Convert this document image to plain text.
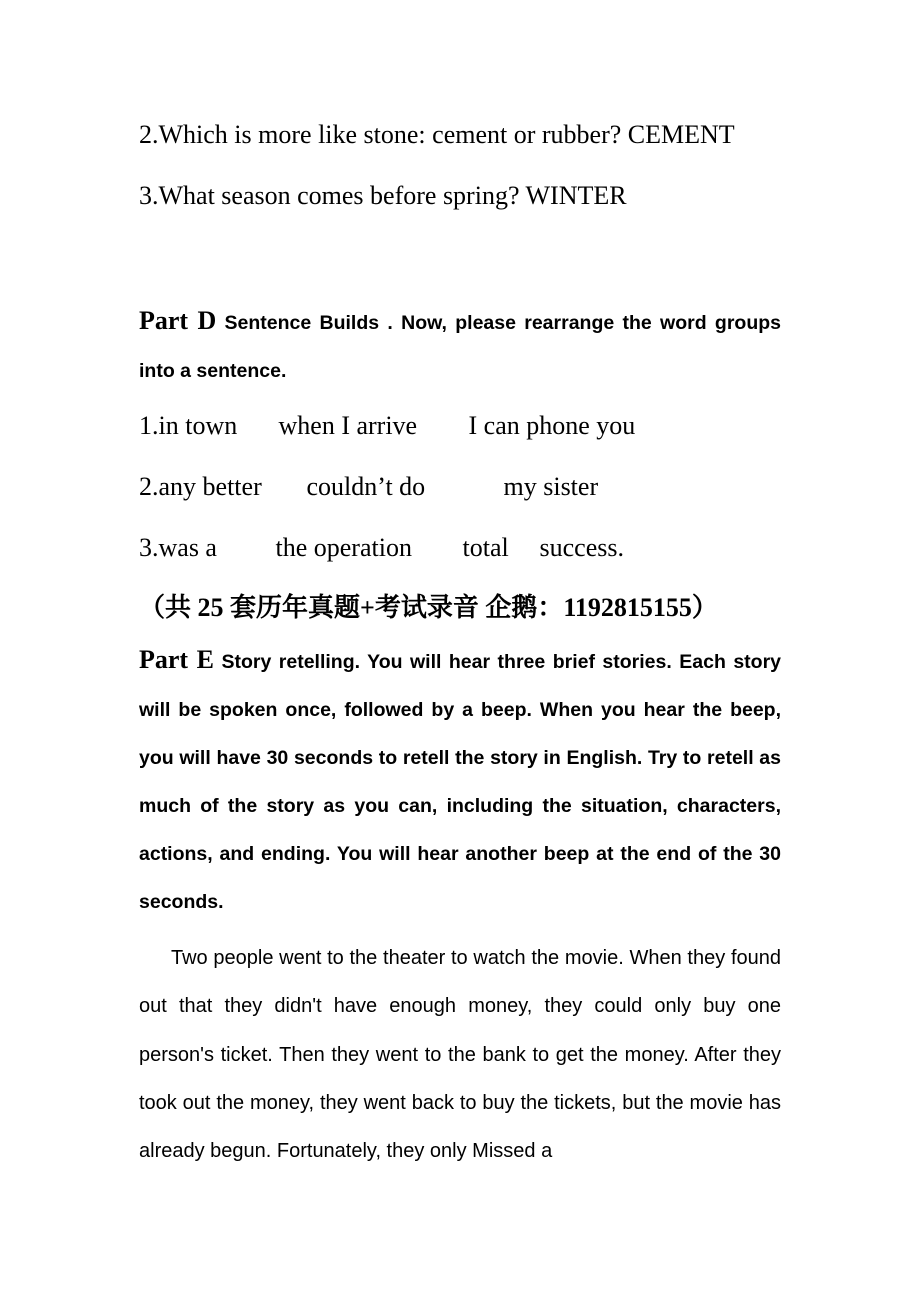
2.Which is more like stone: cement or rubber? CEMENT
3.What season comes before spring? WINTER
Part D Sentence Builds . Now, please rearrange the word groups into a sentence.
1.in town when I arrive I can phone you
2.any better couldn’t do	my sister
3.was a the operation total success.
（共 25 套历年真题+考试录音 企鹅：1192815155）
Part E Story retelling. You will hear three brief stories. Each story will be spoken once, followed by a beep. When you hear the beep, you will have 30 seconds to retell the story in English. Try to retell as much of the story as you can, including the situation, characters, actions, and ending. You will hear another beep at the end of the 30 seconds.
Two people went to the theater to watch the movie. When they found out that they didn't have enough money, they could only buy one person's ticket. Then they went to the bank to get the money. After they took out the money, they went back to buy the tickets, but the movie has already begun. Fortunately, they only Missed a
